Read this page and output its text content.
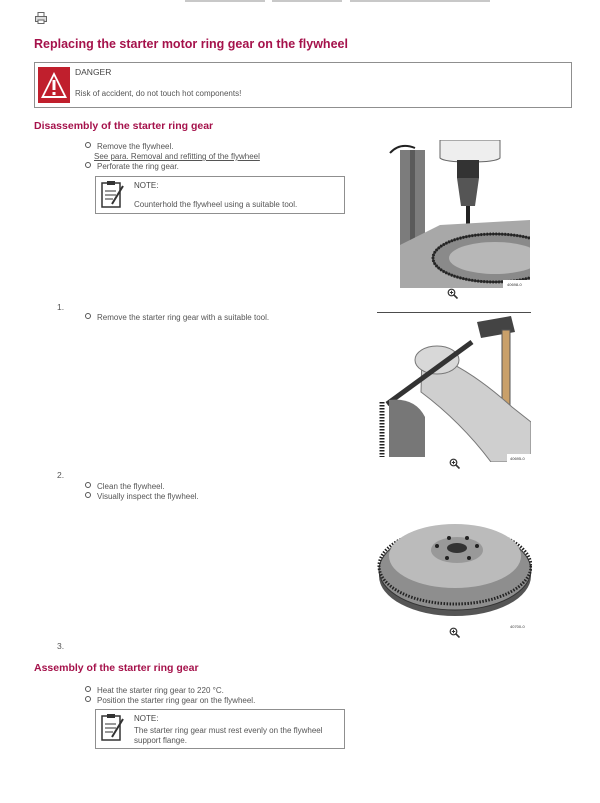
Replacing the starter motor ring gear on the flywheel
DANGER
Risk of accident, do not touch hot components!
Disassembly of the starter ring gear
Remove the flywheel.
See para. Removal and refitting of the flywheel
Perforate the ring gear.
NOTE:
Counterhold the flywheel using a suitable tool.
40698-0
1.
Remove the starter ring gear with a suitable tool.
40695-0
2.
Clean the flywheel.
Visually inspect the flywheel.
40700-0
3.
Assembly of the starter ring gear
Heat the starter ring gear to 220 °C.
Position the starter ring gear on the flywheel.
NOTE:
The starter ring gear must rest evenly on the flywheel support flange.
